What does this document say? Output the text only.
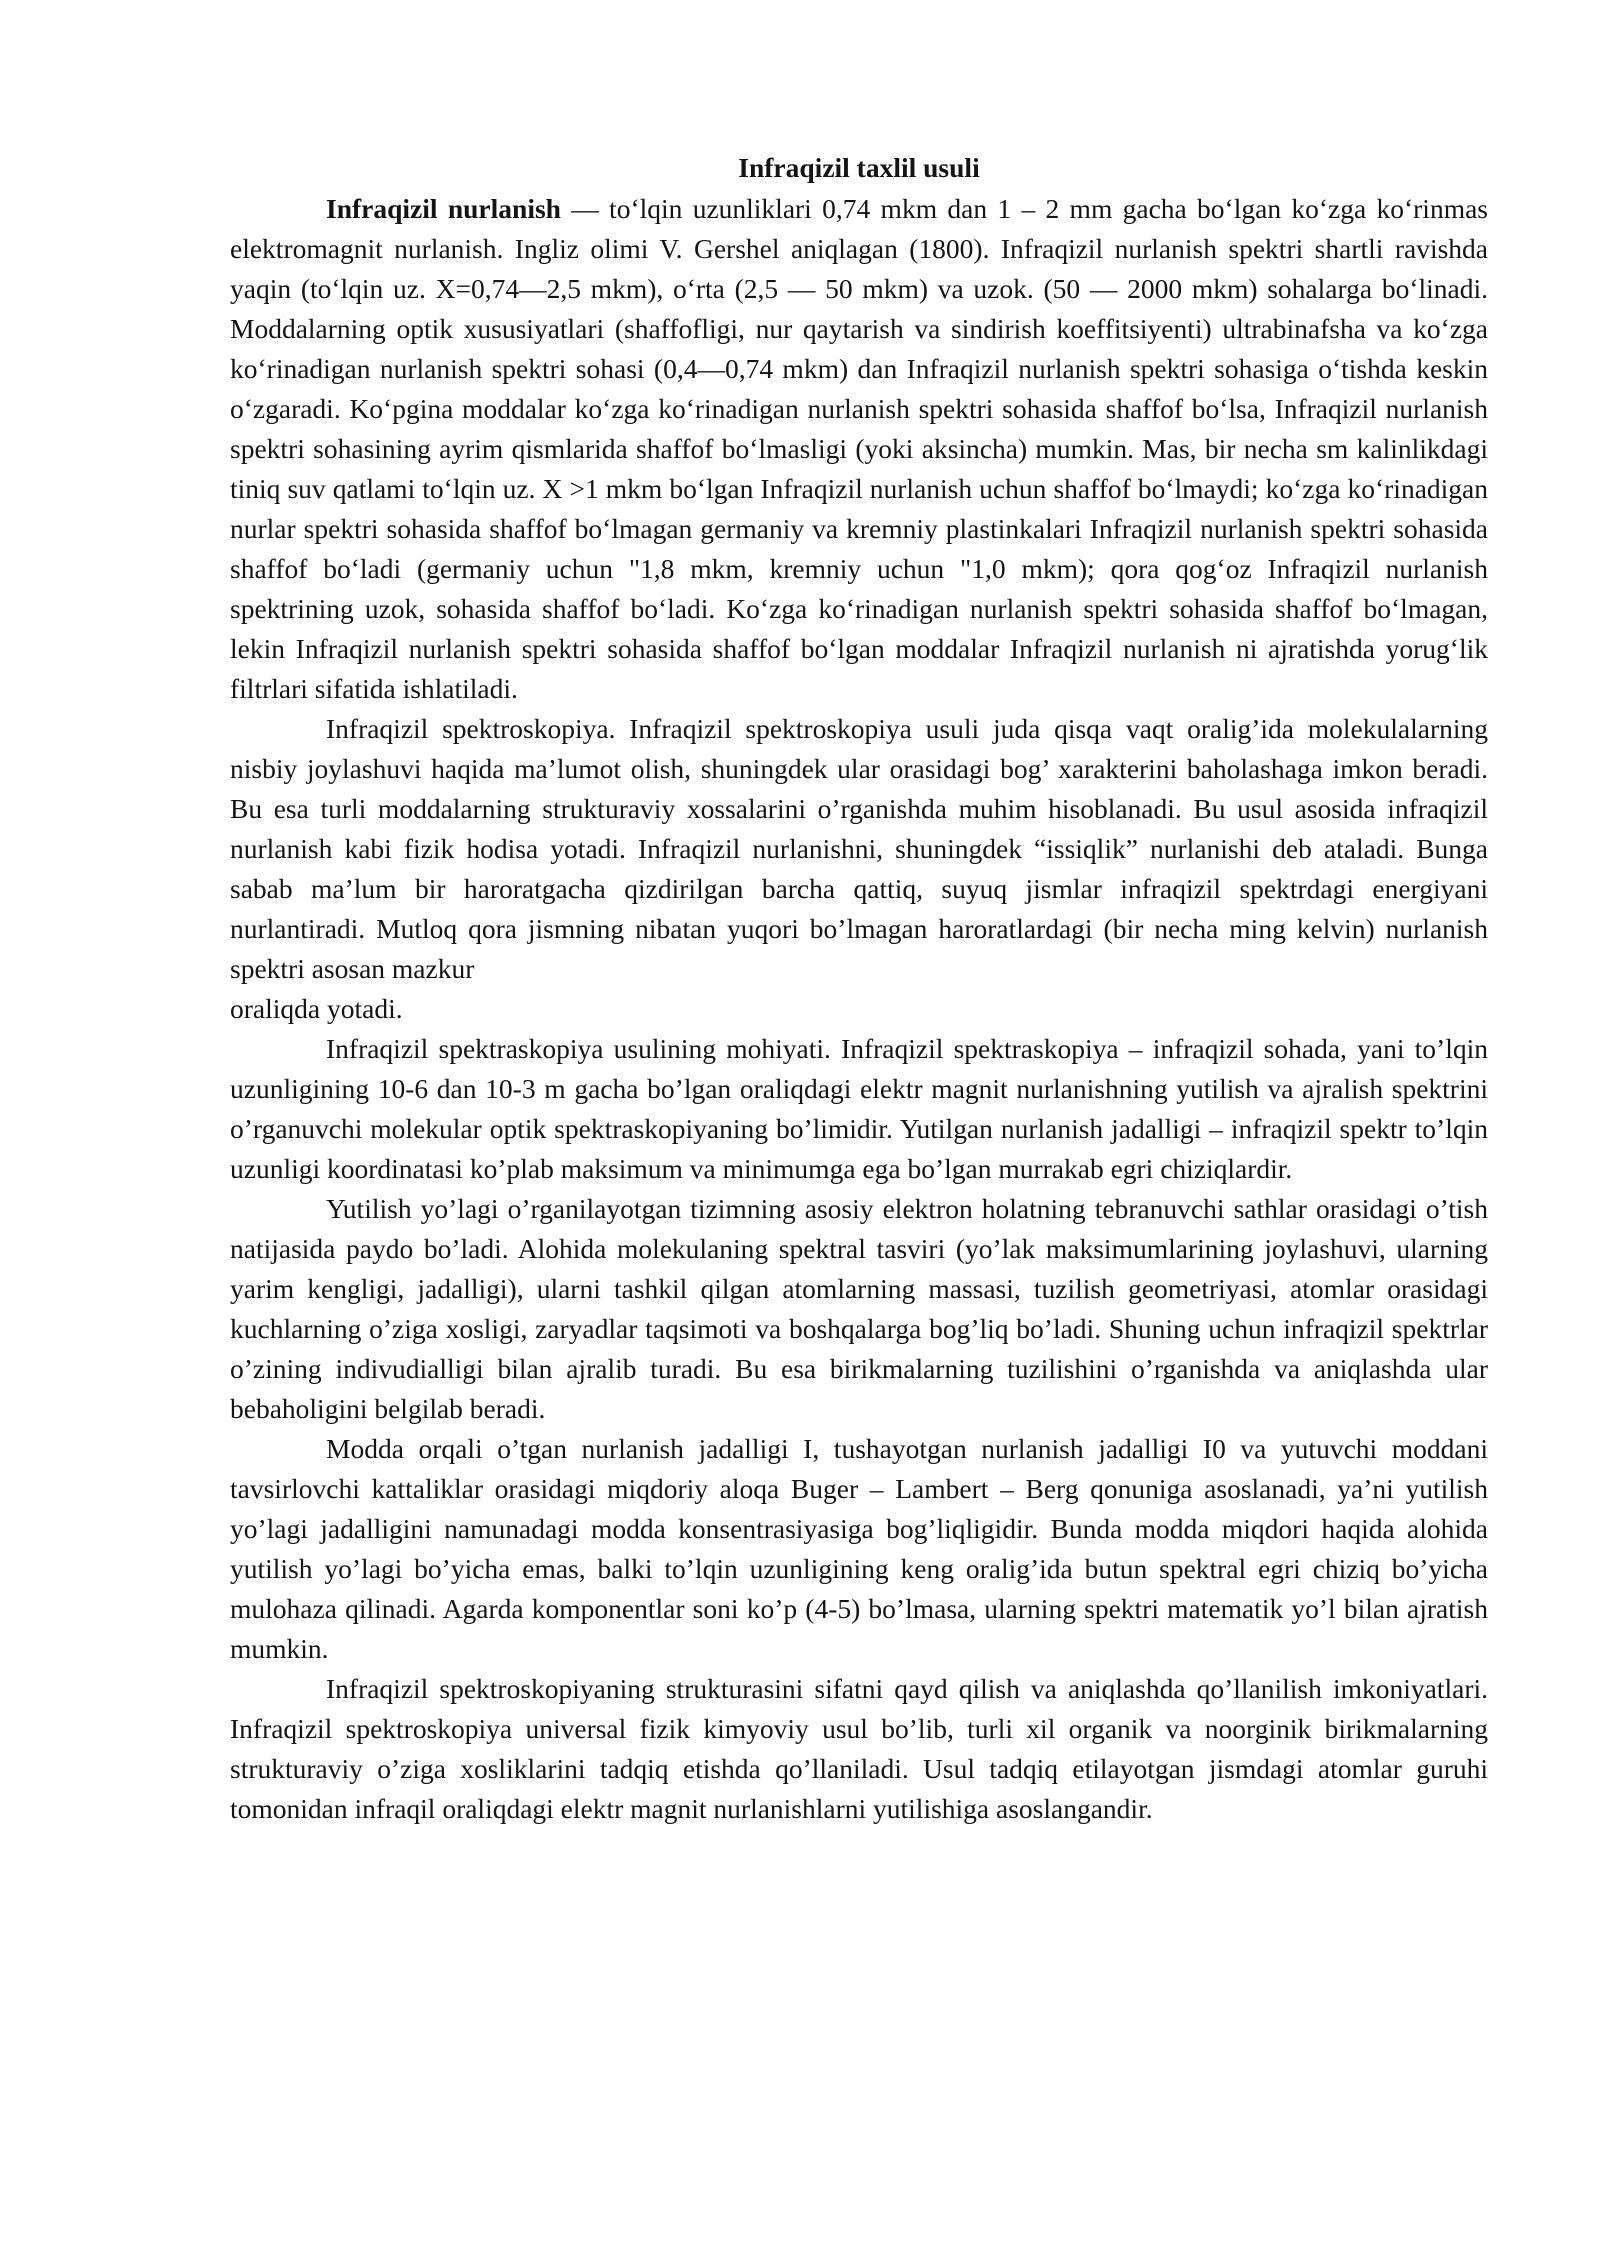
Infraqizil taxlil usuli

Infraqizil nurlanish — to‘lqin uzunliklari 0,74 mkm dan 1 – 2 mm gacha bo‘lgan ko‘zga ko‘rinmas elektromagnit nurlanish. Ingliz olimi V. Gershel aniqlagan (1800). Infraqizil nurlanish spektri shartli ravishda yaqin (to‘lqin uz. X=0,74—2,5 mkm), o‘rta (2,5 — 50 mkm) va uzok. (50 — 2000 mkm) sohalarga bo‘linadi. Moddalarning optik xususiyatlari (shaffofligi, nur qaytarish va sindirish koeffitsiyenti) ultrabinafsha va ko‘zga ko‘rinadigan nurlanish spektri sohasi (0,4—0,74 mkm) dan Infraqizil nurlanish spektri sohasiga o‘tishda keskin o‘zgaradi. Ko‘pgina moddalar ko‘zga ko‘rinadigan nurlanish spektri sohasida shaffof bo‘lsa, Infraqizil nurlanish spektri sohasining ayrim qismlarida shaffof bo‘lmasligi (yoki aksincha) mumkin. Mas, bir necha sm kalinlikdagi tiniq suv qatlami to‘lqin uz. X >1 mkm bo‘lgan Infraqizil nurlanish uchun shaffof bo‘lmaydi; ko‘zga ko‘rinadigan nurlar spektri sohasida shaffof bo‘lmagan germaniy va kremniy plastinkalari Infraqizil nurlanish spektri sohasida shaffof bo‘ladi (germaniy uchun "1,8 mkm, kremniy uchun "1,0 mkm); qora qog‘oz Infraqizil nurlanish spektrining uzok, sohasida shaffof bo‘ladi. Ko‘zga ko‘rinadigan nurlanish spektri sohasida shaffof bo‘lmagan, lekin Infraqizil nurlanish spektri sohasida shaffof bo‘lgan moddalar Infraqizil nurlanish ni ajratishda yorug‘lik filtrlari sifatida ishlatiladi.

Infraqizil spektroskopiya. Infraqizil spektroskopiya usuli juda qisqa vaqt oralig’ida molekulalarning nisbiy joylashuvi haqida ma’lumot olish, shuningdek ular orasidagi bog’ xarakterini baholashaga imkon beradi. Bu esa turli moddalarning strukturaviy xossalarini o’rganishda muhim hisoblanadi. Bu usul asosida infraqizil nurlanish kabi fizik hodisa yotadi. Infraqizil nurlanishni, shuningdek “issiqlik” nurlanishi deb ataladi. Bunga sabab ma’lum bir haroratgacha qizdirilgan barcha qattiq, suyuq jismlar infraqizil spektrdagi energiyani nurlantiradi. Mutloq qora jismning nibatan yuqori bo’lmagan haroratlardagi (bir necha ming kelvin) nurlanish spektri asosan mazkur

oraliqda yotadi.

Infraqizil spektraskopiya usulining mohiyati. Infraqizil spektraskopiya – infraqizil sohada, yani to’lqin uzunligining 10-6 dan 10-3 m gacha bo’lgan oraliqdagi elektr magnit nurlanishning yutilish va ajralish spektrini o’rganuvchi molekular optik spektraskopiyaning bo’limidir. Yutilgan nurlanish jadalligi – infraqizil spektr to’lqin uzunligi koordinatasi ko’plab maksimum va minimumga ega bo’lgan murrakab egri chiziqlardir.

Yutilish yo’lagi o’rganilayotgan tizimning asosiy elektron holatning tebranuvchi sathlar orasidagi o’tish natijasida paydo bo’ladi. Alohida molekulaning spektral tasviri (yo’lak maksimumlarining joylashuvi, ularning yarim kengligi, jadalligi), ularni tashkil qilgan atomlarning massasi, tuzilish geometriyasi, atomlar orasidagi kuchlarning o’ziga xosligi, zaryadlar taqsimoti va boshqalarga bog’liq bo’ladi. Shuning uchun infraqizil spektrlar o’zining indivudialligi bilan ajralib turadi. Bu esa birikmalarning tuzilishini o’rganishda va aniqlashda ular bebaholigini belgilab beradi.

Modda orqali o’tgan nurlanish jadalligi I, tushayotgan nurlanish jadalligi I0 va yutuvchi moddani tavsirlovchi kattaliklar orasidagi miqdoriy aloqa Buger – Lambert – Berg qonuniga asoslanadi, ya’ni yutilish yo’lagi jadalligini namunadagi modda konsentrasiyasiga bog’liqligidir. Bunda modda miqdori haqida alohida yutilish yo’lagi bo’yicha emas, balki to’lqin uzunligining keng oralig’ida butun spektral egri chiziq bo’yicha mulohaza qilinadi. Agarda komponentlar soni ko’p (4-5) bo’lmasa, ularning spektri matematik yo’l bilan ajratish mumkin.

Infraqizil spektroskopiyaning strukturasini sifatni qayd qilish va aniqlashda qo’llanilish imkoniyatlari. Infraqizil spektroskopiya universal fizik kimyoviy usul bo’lib, turli xil organik va noorginik birikmalarning strukturaviy o’ziga xosliklarini tadqiq etishda qo’llaniladi. Usul tadqiq etilayotgan jismdagi atomlar guruhi tomonidan infraqil oraliqdagi elektr magnit nurlanishlarni yutilishiga asoslangandir.
